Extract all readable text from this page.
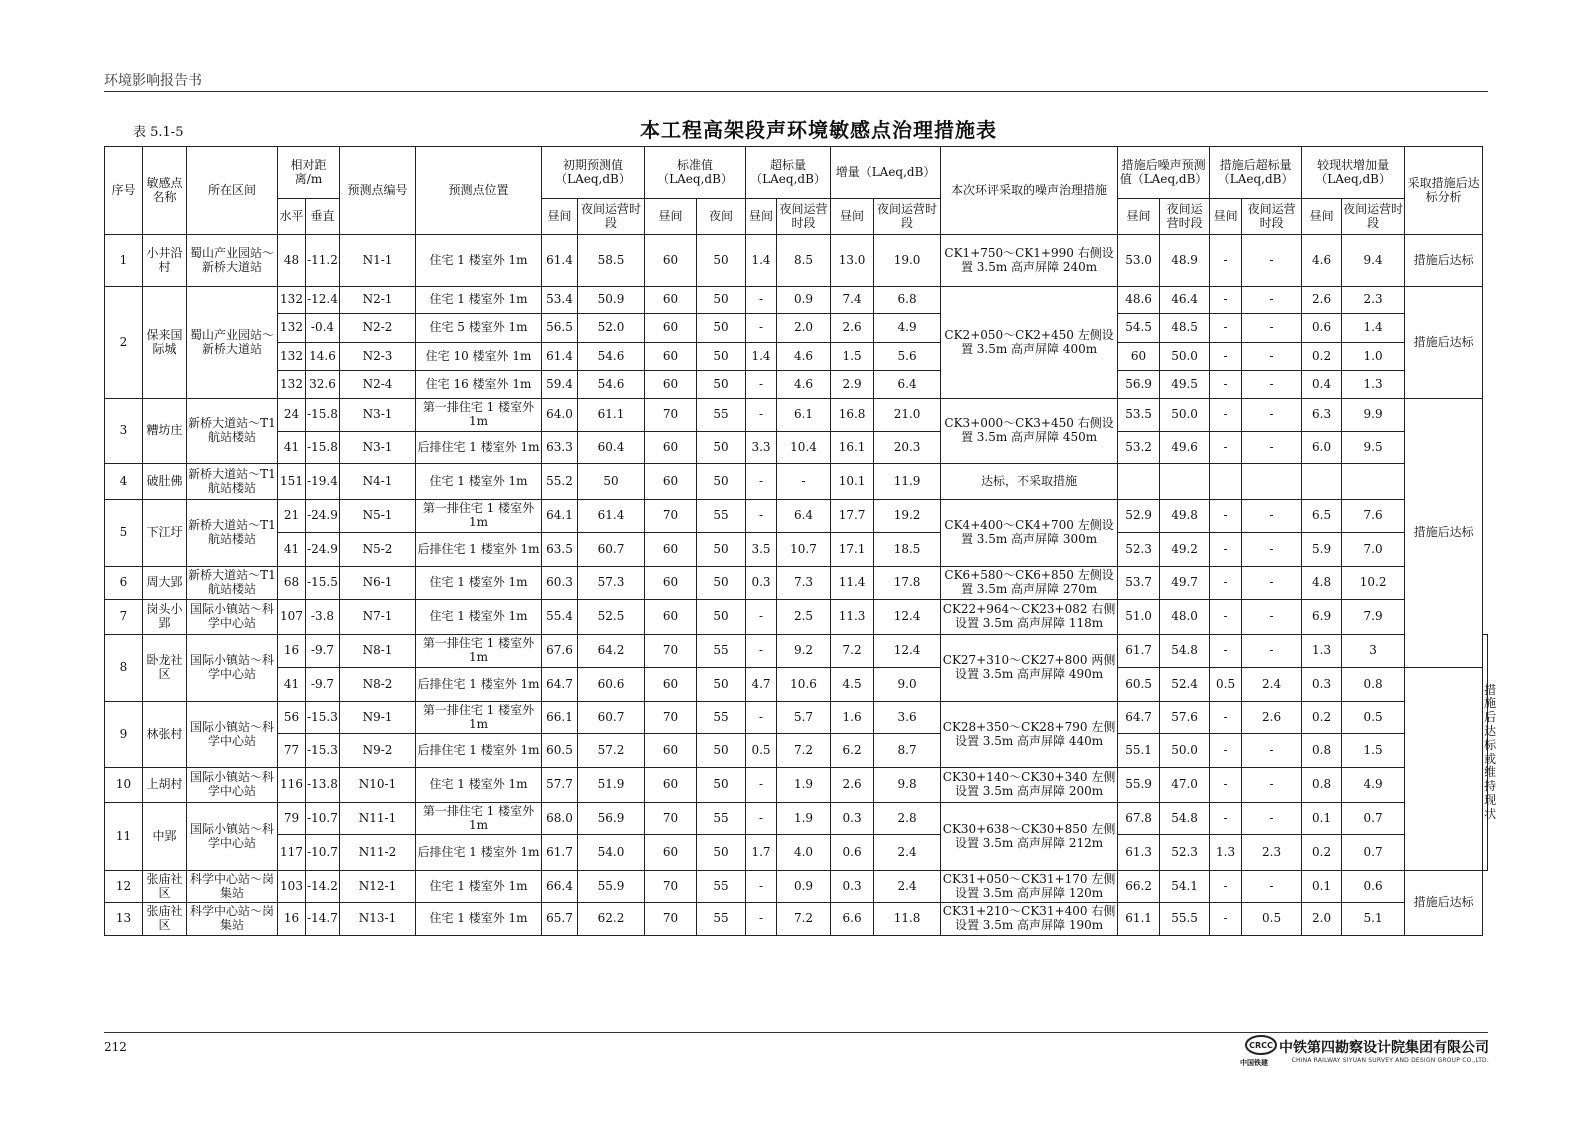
环境影响报告书
表 5.1-5	本工程高架段声环境敏感点治理措施表
序号	敏感点名称	所在区间	相对距离/m		预测点编号	预测点位置	初期预测值（LAeq,dB）		标准值（LAeq,dB）		超标量（LAeq,dB）		增量（LAeq,dB）		本次环评采取的噪声治理措施	措施后噪声预测值（LAeq,dB）		措施后超标量（LAeq,dB）		较现状增加量（LAeq,dB）		采取措施后达标分析	
			水平	垂直			昼间	夜间运营时段	昼间	夜间	昼间	夜间运营时段	昼间	夜间运营时段		昼间	夜间运营时段	昼间	夜间运营时段	昼间	夜间运营时段		
1	小井沿村	蜀山产业园站～新桥大道站	48	-11.2	N1-1	住宅 1 楼室外 1m	61.4	58.5	60	50	1.4	8.5	13.0	19.0	CK1+750～CK1+990 右侧设置 3.5m 高声屏障 240m	53.0	48.9	-	-	4.6	9.4	措施后达标	
2	保来国际城	蜀山产业园站～新桥大道站	132	-12.4	N2-1	住宅 1 楼室外 1m	53.4	50.9	60	50	-	0.9	7.4	6.8	CK2+050～CK2+450 左侧设置 3.5m 高声屏障 400m	48.6	46.4	-	-	2.6	2.3	措施后达标	
			132	-0.4	N2-2	住宅 5 楼室外 1m	56.5	52.0	60	50	-	2.0	2.6	4.9		54.5	48.5	-	-	0.6	1.4		
			132	14.6	N2-3	住宅 10 楼室外 1m	61.4	54.6	60	50	1.4	4.6	1.5	5.6		60	50.0	-	-	0.2	1.0		
			132	32.6	N2-4	住宅 16 楼室外 1m	59.4	54.6	60	50	-	4.6	2.9	6.4		56.9	49.5	-	-	0.4	1.3		
3	糟坊庄	新桥大道站～T1 航站楼站	24	-15.8	N3-1	第一排住宅 1 楼室外 1m	64.0	61.1	70	55	-	6.1	16.8	21.0	CK3+000～CK3+450 右侧设置 3.5m 高声屏障 450m	53.5	50.0	-	-	6.3	9.9	措施后达标	
			41	-15.8	N3-1	后排住宅 1 楼室外 1m	63.3	60.4	60	50	3.3	10.4	16.1	20.3		53.2	49.6	-	-	6.0	9.5		
4	破肚佛	新桥大道站～T1 航站楼站	151	-19.4	N4-1	住宅 1 楼室外 1m	55.2	50	60	50	-	-	10.1	11.9	达标，不采取措施								
5	下江圩	新桥大道站～T1 航站楼站	21	-24.9	N5-1	第一排住宅 1 楼室外 1m	64.1	61.4	70	55	-	6.4	17.7	19.2	CK4+400～CK4+700 左侧设置 3.5m 高声屏障 300m	52.9	49.8	-	-	6.5	7.6		
			41	-24.9	N5-2	后排住宅 1 楼室外 1m	63.5	60.7	60	50	3.5	10.7	17.1	18.5		52.3	49.2	-	-	5.9	7.0		
6	周大郢	新桥大道站～T1 航站楼站	68	-15.5	N6-1	住宅 1 楼室外 1m	60.3	57.3	60	50	0.3	7.3	11.4	17.8	CK6+580～CK6+850 左侧设置 3.5m 高声屏障 270m	53.7	49.7	-	-	4.8	10.2		
7	岗头小郢	国际小镇站～科学中心站	107	-3.8	N7-1	住宅 1 楼室外 1m	55.4	52.5	60	50	-	2.5	11.3	12.4	CK22+964～CK23+082 右侧设置 3.5m 高声屏障 118m	51.0	48.0	-	-	6.9	7.9		
8	卧龙社区	国际小镇站～科学中心站	16	-9.7	N8-1	第一排住宅 1 楼室外 1m	67.6	64.2	70	55	-	9.2	7.2	12.4	CK27+310～CK27+800 两侧设置 3.5m 高声屏障 490m	61.7	54.8	-	-	1.3	3		措施后达标或维持现状
			41	-9.7	N8-2	后排住宅 1 楼室外 1m	64.7	60.6	60	50	4.7	10.6	4.5	9.0		60.5	52.4	0.5	2.4	0.3	0.8		
9	林张村	国际小镇站～科学中心站	56	-15.3	N9-1	第一排住宅 1 楼室外 1m	66.1	60.7	70	55	-	5.7	1.6	3.6	CK28+350～CK28+790 左侧设置 3.5m 高声屏障 440m	64.7	57.6	-	2.6	0.2	0.5		
			77	-15.3	N9-2	后排住宅 1 楼室外 1m	60.5	57.2	60	50	0.5	7.2	6.2	8.7		55.1	50.0	-	-	0.8	1.5		
10	上胡村	国际小镇站～科学中心站	116	-13.8	N10-1	住宅 1 楼室外 1m	57.7	51.9	60	50	-	1.9	2.6	9.8	CK30+140～CK30+340 左侧设置 3.5m 高声屏障 200m	55.9	47.0	-	-	0.8	4.9		
11	中郢	国际小镇站～科学中心站	79	-10.7	N11-1	第一排住宅 1 楼室外 1m	68.0	56.9	70	55	-	1.9	0.3	2.8	CK30+638～CK30+850 左侧设置 3.5m 高声屏障 212m	67.8	54.8	-	-	0.1	0.7		
			117	-10.7	N11-2	后排住宅 1 楼室外 1m	61.7	54.0	60	50	1.7	4.0	0.6	2.4		61.3	52.3	1.3	2.3	0.2	0.7		
12	张庙社区	科学中心站～岗集站	103	-14.2	N12-1	住宅 1 楼室外 1m	66.4	55.9	70	55	-	0.9	0.3	2.4	CK31+050～CK31+170 左侧设置 3.5m 高声屏障 120m	66.2	54.1	-	-	0.1	0.6	措施后达标	
13	张庙社区	科学中心站～岗集站	16	-14.7	N13-1	住宅 1 楼室外 1m	65.7	62.2	70	55	-	7.2	6.6	11.8	CK31+210～CK31+400 右侧设置 3.5m 高声屏障 190m	61.1	55.5	-	0.5	2.0	5.1		
212	CRCC
中国铁建
中铁第四勘察设计院集团有限公司
CHINA RAILWAY SIYUAN SURVEY AND DESIGN GROUP CO.,LTD.
